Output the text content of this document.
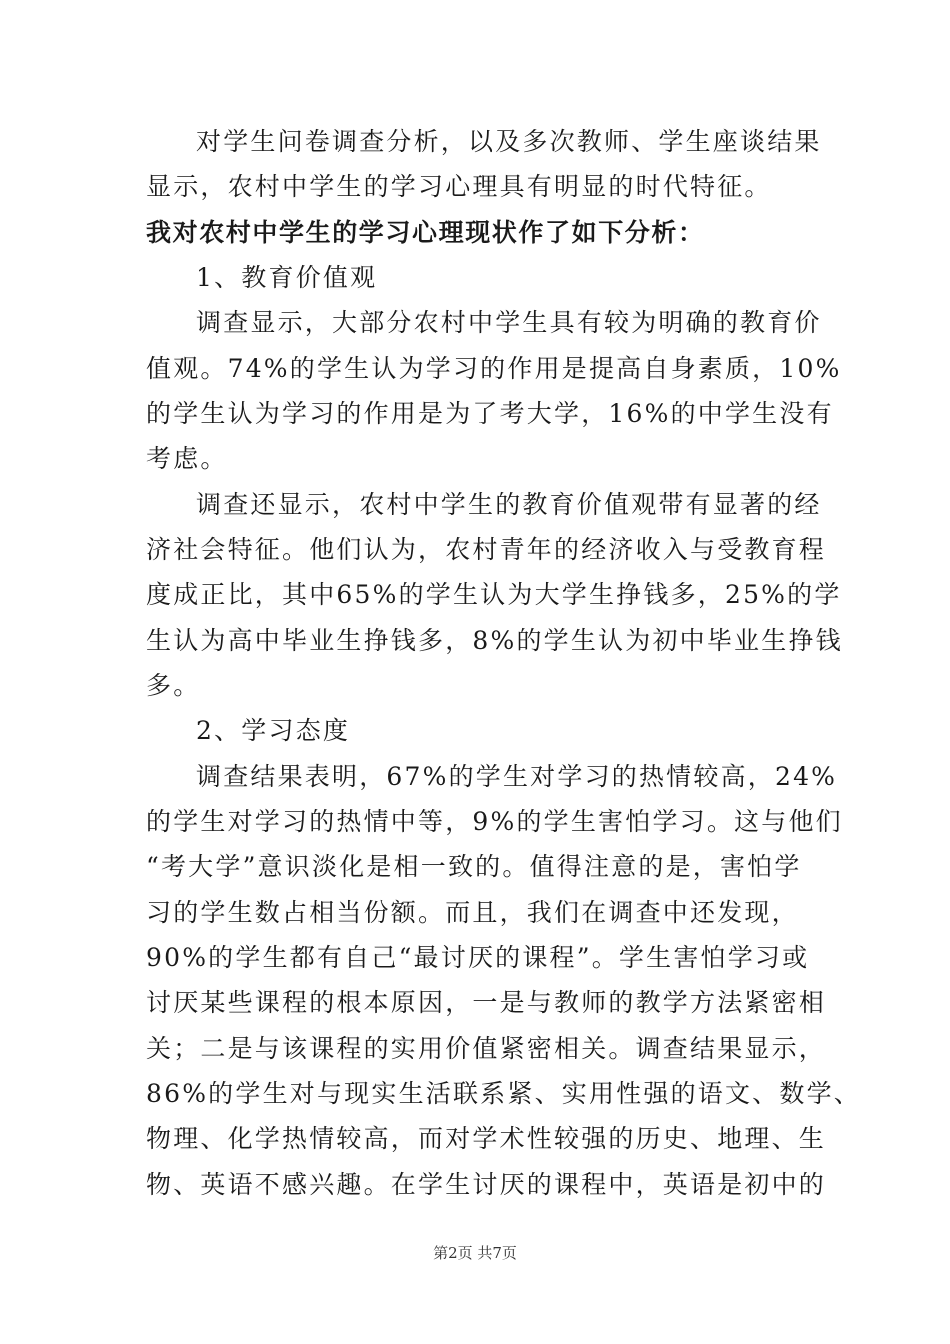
对学生问卷调查分析，以及多次教师、学生座谈结果
显示，农村中学生的学习心理具有明显的时代特征。
我对农村中学生的学习心理现状作了如下分析：
1、教育价值观
调查显示，大部分农村中学生具有较为明确的教育价
值观。74%的学生认为学习的作用是提高自身素质，10%
的学生认为学习的作用是为了考大学，16%的中学生没有
考虑。
调查还显示，农村中学生的教育价值观带有显著的经
济社会特征。他们认为，农村青年的经济收入与受教育程
度成正比，其中65%的学生认为大学生挣钱多，25%的学
生认为高中毕业生挣钱多，8%的学生认为初中毕业生挣钱
多。
2、学习态度
调查结果表明，67%的学生对学习的热情较高，24%
的学生对学习的热情中等，9%的学生害怕学习。这与他们
“考大学”意识淡化是相一致的。值得注意的是，害怕学
习的学生数占相当份额。而且，我们在调查中还发现，
90%的学生都有自己“最讨厌的课程”。学生害怕学习或
讨厌某些课程的根本原因，一是与教师的教学方法紧密相
关；二是与该课程的实用价值紧密相关。调查结果显示，
86%的学生对与现实生活联系紧、实用性强的语文、数学、
物理、化学热情较高，而对学术性较强的历史、地理、生
物、英语不感兴趣。在学生讨厌的课程中，英语是初中的
第2页 共7页
